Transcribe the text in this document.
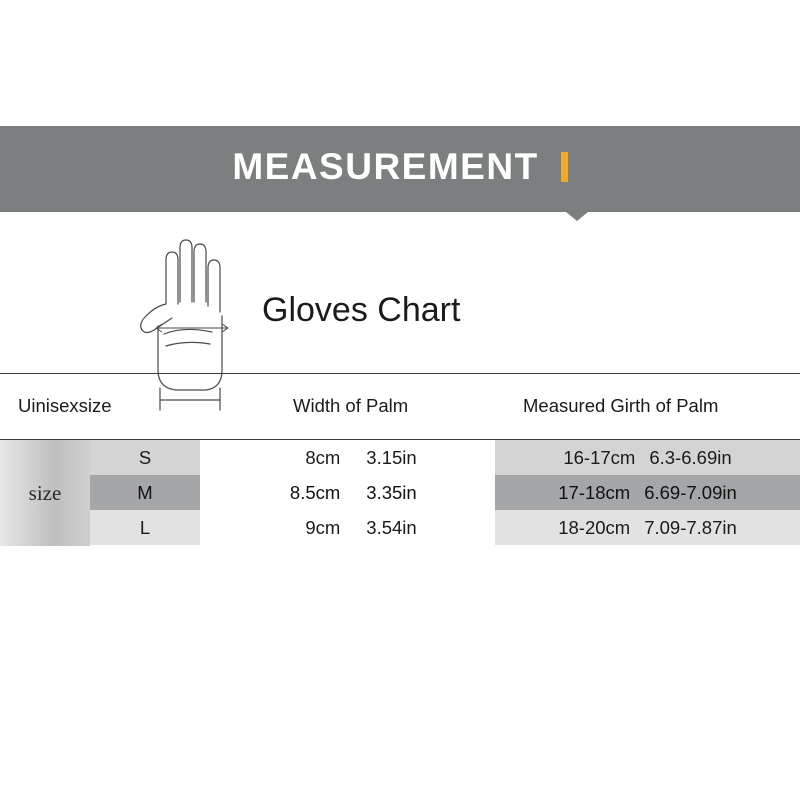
MEASUREMENT
Gloves Chart
Uinisexsize	Width of Palm	Measured Girth of Palm
size
S	8cm 3.15in	16-17cm 6.3-6.69in
M	8.5cm 3.35in	17-18cm 6.69-7.09in
L	9cm 3.54in	18-20cm 7.09-7.87in
